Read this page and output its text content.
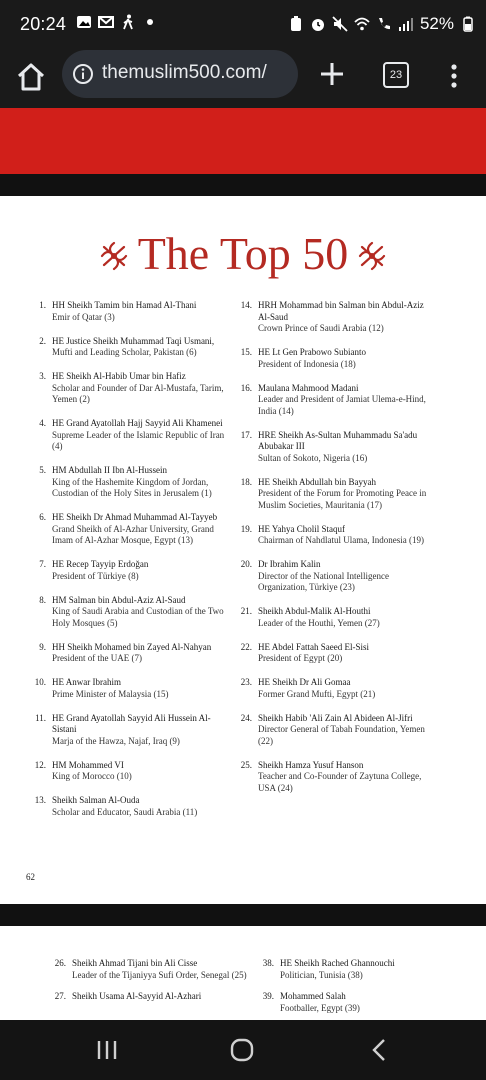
20:24	52%
themuslim500.com/	23
The Top 50
1. HH Sheikh Tamim bin Hamad Al-Thani
Emir of Qatar (3)
2. HE Justice Sheikh Muhammad Taqi Usmani,
Mufti and Leading Scholar, Pakistan (6)
3. HE Sheikh Al-Habib Umar bin Hafiz
Scholar and Founder of Dar Al-Mustafa, Tarim, Yemen (2)
4. HE Grand Ayatollah Hajj Sayyid Ali Khamenei
Supreme Leader of the Islamic Republic of Iran (4)
5. HM Abdullah II Ibn Al-Hussein
King of the Hashemite Kingdom of Jordan, Custodian of the Holy Sites in Jerusalem (1)
6. HE Sheikh Dr Ahmad Muhammad Al-Tayyeb
Grand Sheikh of Al-Azhar University, Grand Imam of Al-Azhar Mosque, Egypt (13)
7. HE Recep Tayyip Erdoğan
President of Türkiye (8)
8. HM Salman bin Abdul-Aziz Al-Saud
King of Saudi Arabia and Custodian of the Two Holy Mosques (5)
9. HH Sheikh Mohamed bin Zayed Al-Nahyan
President of the UAE (7)
10. HE Anwar Ibrahim
Prime Minister of Malaysia (15)
11. HE Grand Ayatollah Sayyid Ali Hussein Al-Sistani
Marja of the Hawza, Najaf, Iraq (9)
12. HM Mohammed VI
King of Morocco (10)
13. Sheikh Salman Al-Ouda
Scholar and Educator, Saudi Arabia (11)
14. HRH Mohammad bin Salman bin Abdul-Aziz Al-Saud
Crown Prince of Saudi Arabia (12)
15. HE Lt Gen Prabowo Subianto
President of Indonesia (18)
16. Maulana Mahmood Madani
Leader and President of Jamiat Ulema-e-Hind, India (14)
17. HRE Sheikh As-Sultan Muhammadu Sa'adu Abubakar III
Sultan of Sokoto, Nigeria (16)
18. HE Sheikh Abdullah bin Bayyah
President of the Forum for Promoting Peace in Muslim Societies, Mauritania (17)
19. HE Yahya Cholil Staquf
Chairman of Nahdlatul Ulama, Indonesia (19)
20. Dr Ibrahim Kalin
Director of the National Intelligence Organization, Türkiye (23)
21. Sheikh Abdul-Malik Al-Houthi
Leader of the Houthi, Yemen (27)
22. HE Abdel Fattah Saeed El-Sisi
President of Egypt (20)
23. HE Sheikh Dr Ali Gomaa
Former Grand Mufti, Egypt (21)
24. Sheikh Habib 'Ali Zain Al Abideen Al-Jifri
Director General of Tabah Foundation, Yemen (22)
25. Sheikh Hamza Yusuf Hanson
Teacher and Co-Founder of Zaytuna College, USA (24)
62
26. Sheikh Ahmad Tijani bin Ali Cisse
Leader of the Tijaniyya Sufi Order, Senegal (25)
27. Sheikh Usama Al-Sayyid Al-Azhari
38. HE Sheikh Rached Ghannouchi
Politician, Tunisia (38)
39. Mohammed Salah
Footballer, Egypt (39)
